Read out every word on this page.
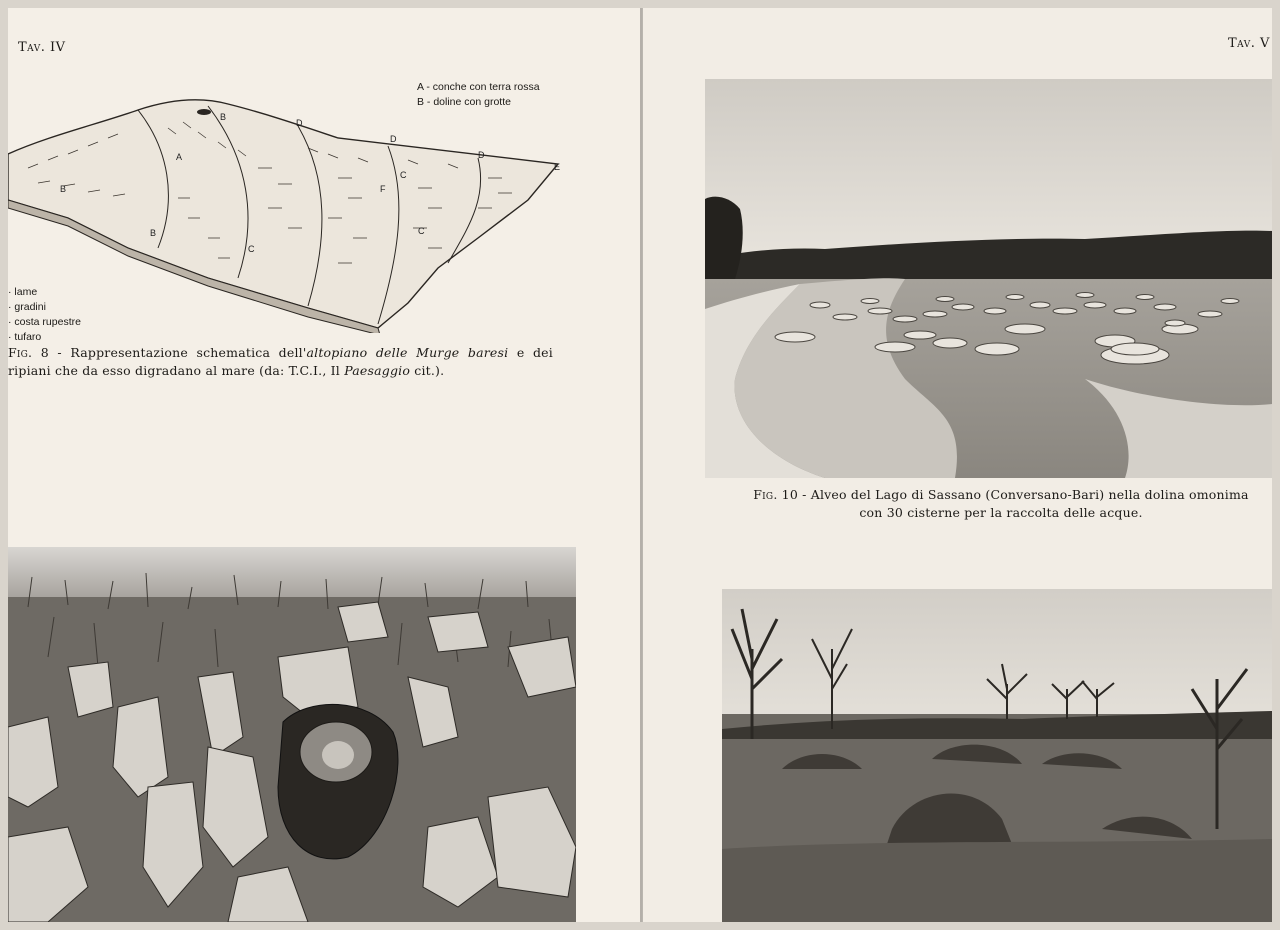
Tav. IV
A - conche con terra rossa
B - doline con grotte
A
B
B
B
C
C
C
D
D
D
E
F
· lame
· gradini
· costa rupestre
· tufaro
Fig. 8 - Rappresentazione schematica dell'altopiano delle Murge baresi e dei ripiani che da esso digradano al mare (da: T.C.I., Il Paesaggio cit.).
Tav. V
Fig. 10 - Alveo del Lago di Sassano (Conversano-Bari) nella dolina omonima
con 30 cisterne per la raccolta delle acque.
